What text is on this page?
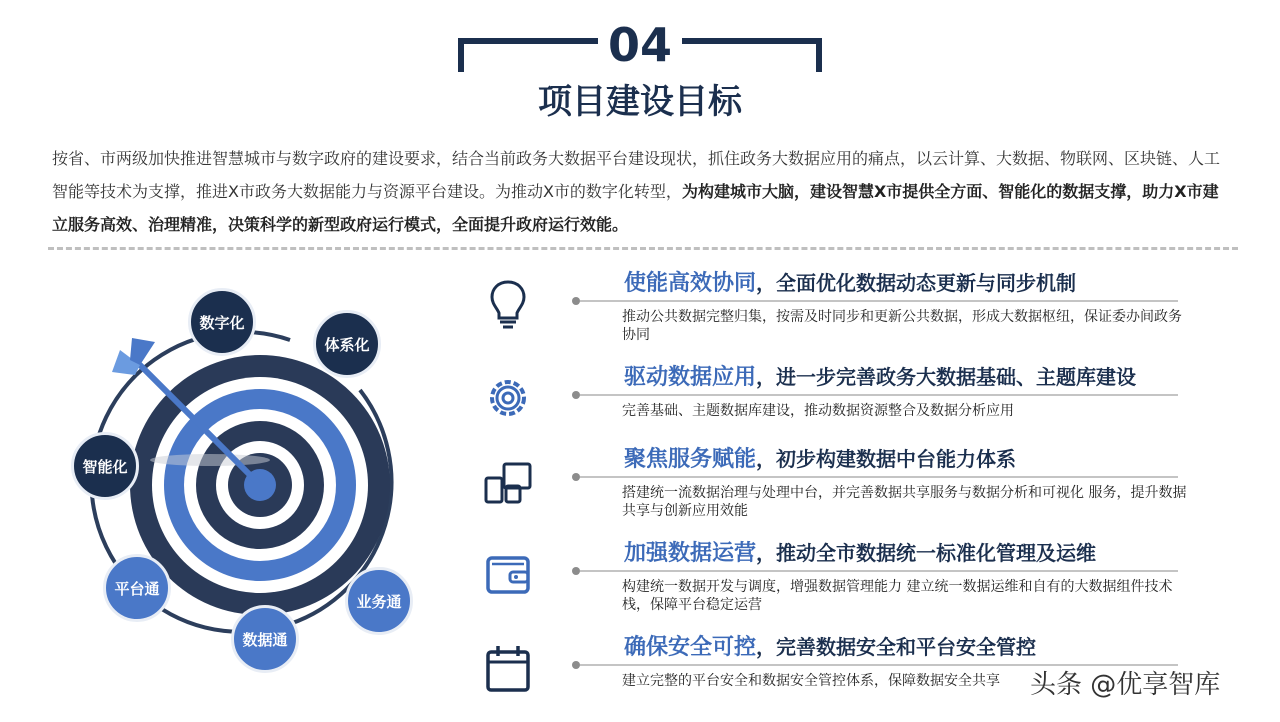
04
项目建设目标

按省、市两级加快推进智慧城市与数字政府的建设要求，结合当前政务大数据平台建设现状，抓住政务大数据应用的痛点，以云计算、大数据、物联网、区块链、人工智能等技术为支撑，推进X市政务大数据能力与资源平台建设。为推动X市的数字化转型，为构建城市大脑，建设智慧X市提供全方面、智能化的数据支撑，助力X市建立服务高效、治理精准，决策科学的新型政府运行模式，全面提升政府运行效能。

数字化
体系化
智能化
平台通
数据通
业务通
使能高效协同，全面优化数据动态更新与同步机制
推动公共数据完整归集，按需及时同步和更新公共数据，形成大数据枢纽，保证委办间政务协同
驱动数据应用，进一步完善政务大数据基础、主题库建设
完善基础、主题数据库建设，推动数据资源整合及数据分析应用
聚焦服务赋能，初步构建数据中台能力体系
搭建统一流数据治理与处理中台，并完善数据共享服务与数据分析和可视化 服务，提升数据共享与创新应用效能
加强数据运营，推动全市数据统一标准化管理及运维
构建统一数据开发与调度，增强数据管理能力 建立统一数据运维和自有的大数据组件技术栈，保障平台稳定运营
确保安全可控，完善数据安全和平台安全管控
建立完整的平台安全和数据安全管控体系，保障数据安全共享	头条 @优享智库
